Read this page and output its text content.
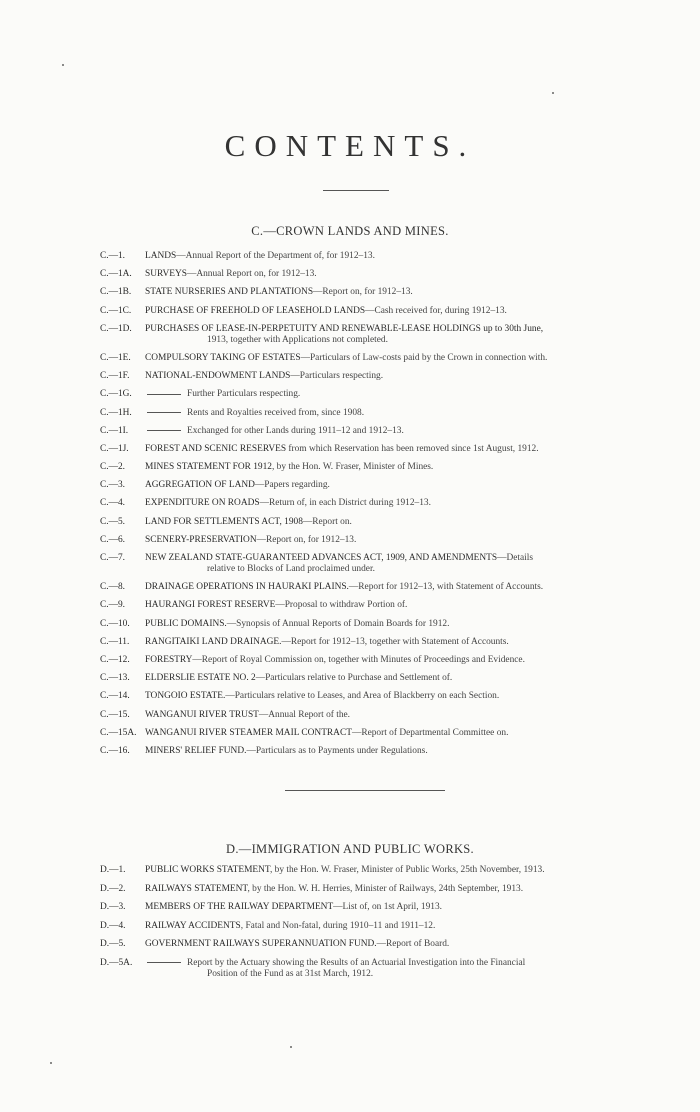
CONTENTS.
C.—CROWN LANDS AND MINES.
C.—1.	LANDS—Annual Report of the Department of, for 1912–13.
C.—1A.	SURVEYS—Annual Report on, for 1912–13.
C.—1B.	STATE NURSERIES AND PLANTATIONS—Report on, for 1912–13.
C.—1C.	PURCHASE OF FREEHOLD OF LEASEHOLD LANDS—Cash received for, during 1912–13.
C.—1D.	PURCHASES OF LEASE-IN-PERPETUITY AND RENEWABLE-LEASE HOLDINGS up to 30th June,
1913, together with Applications not completed.
C.—1E.	COMPULSORY TAKING OF ESTATES—Particulars of Law-costs paid by the Crown in connection with.
C.—1F.	NATIONAL-ENDOWMENT LANDS—Particulars respecting.
C.—1G.	Further Particulars respecting.
C.—1H.	Rents and Royalties received from, since 1908.
C.—1I.	Exchanged for other Lands during 1911–12 and 1912–13.
C.—1J.	FOREST AND SCENIC RESERVES from which Reservation has been removed since 1st August, 1912.
C.—2.	MINES STATEMENT FOR 1912, by the Hon. W. Fraser, Minister of Mines.
C.—3.	AGGREGATION OF LAND—Papers regarding.
C.—4.	EXPENDITURE ON ROADS—Return of, in each District during 1912–13.
C.—5.	LAND FOR SETTLEMENTS ACT, 1908—Report on.
C.—6.	SCENERY-PRESERVATION—Report on, for 1912–13.
C.—7.	NEW ZEALAND STATE-GUARANTEED ADVANCES ACT, 1909, AND AMENDMENTS—Details
relative to Blocks of Land proclaimed under.
C.—8.	DRAINAGE OPERATIONS IN HAURAKI PLAINS.—Report for 1912–13, with Statement of Accounts.
C.—9.	HAURANGI FOREST RESERVE—Proposal to withdraw Portion of.
C.—10.	PUBLIC DOMAINS.—Synopsis of Annual Reports of Domain Boards for 1912.
C.—11.	RANGITAIKI LAND DRAINAGE.—Report for 1912–13, together with Statement of Accounts.
C.—12.	FORESTRY—Report of Royal Commission on, together with Minutes of Proceedings and Evidence.
C.—13.	ELDERSLIE ESTATE NO. 2—Particulars relative to Purchase and Settlement of.
C.—14.	TONGOIO ESTATE.—Particulars relative to Leases, and Area of Blackberry on each Section.
C.—15.	WANGANUI RIVER TRUST—Annual Report of the.
C.—15A. WANGANUI RIVER STEAMER MAIL CONTRACT—Report of Departmental Committee on.
C.—16.	MINERS' RELIEF FUND.—Particulars as to Payments under Regulations.
D.—IMMIGRATION AND PUBLIC WORKS.
D.—1.	PUBLIC WORKS STATEMENT, by the Hon. W. Fraser, Minister of Public Works, 25th November, 1913.
D.—2.	RAILWAYS STATEMENT, by the Hon. W. H. Herries, Minister of Railways, 24th September, 1913.
D.—3.	MEMBERS OF THE RAILWAY DEPARTMENT—List of, on 1st April, 1913.
D.—4.	RAILWAY ACCIDENTS, Fatal and Non-fatal, during 1910–11 and 1911–12.
D.—5.	GOVERNMENT RAILWAYS SUPERANNUATION FUND.—Report of Board.
D.—5A.	Report by the Actuary showing the Results of an Actuarial Investigation into the Financial
Position of the Fund as at 31st March, 1912.
